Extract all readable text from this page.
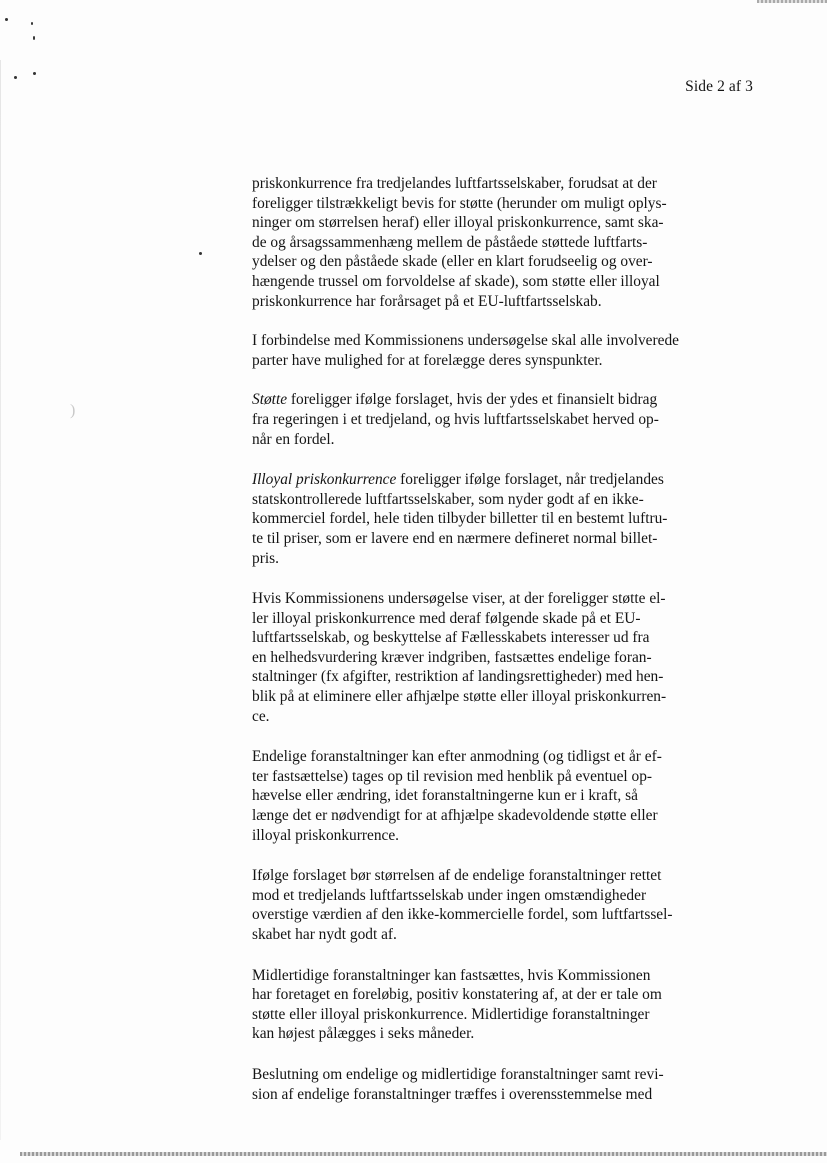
)
Side 2 af 3

priskonkurrence fra tredjelandes luftfartsselskaber, forudsat at der
foreligger tilstrækkeligt bevis for støtte (herunder om muligt oplys-
ninger om størrelsen heraf) eller illoyal priskonkurrence, samt ska-
de og årsagssammenhæng mellem de påståede støttede luftfarts-
ydelser og den påståede skade (eller en klart forudseelig og over-
hængende trussel om forvoldelse af skade), som støtte eller illoyal
priskonkurrence har forårsaget på et EU-luftfartsselskab.

I forbindelse med Kommissionens undersøgelse skal alle involverede
parter have mulighed for at forelægge deres synspunkter.

Støtte foreligger ifølge forslaget, hvis der ydes et finansielt bidrag
fra regeringen i et tredjeland, og hvis luftfartsselskabet herved op-
når en fordel.

Illoyal priskonkurrence foreligger ifølge forslaget, når tredjelandes
statskontrollerede luftfartsselskaber, som nyder godt af en ikke-
kommerciel fordel, hele tiden tilbyder billetter til en bestemt luftru-
te til priser, som er lavere end en nærmere defineret normal billet-
pris.

Hvis Kommissionens undersøgelse viser, at der foreligger støtte el-
ler illoyal priskonkurrence med deraf følgende skade på et EU-
luftfartsselskab, og beskyttelse af Fællesskabets interesser ud fra
en helhedsvurdering kræver indgriben, fastsættes endelige foran-
staltninger (fx afgifter, restriktion af landingsrettigheder) med hen-
blik på at eliminere eller afhjælpe støtte eller illoyal priskonkurren-
ce.

Endelige foranstaltninger kan efter anmodning (og tidligst et år ef-
ter fastsættelse) tages op til revision med henblik på eventuel op-
hævelse eller ændring, idet foranstaltningerne kun er i kraft, så
længe det er nødvendigt for at afhjælpe skadevoldende støtte eller
illoyal priskonkurrence.

Ifølge forslaget bør størrelsen af de endelige foranstaltninger rettet
mod et tredjelands luftfartsselskab under ingen omstændigheder
overstige værdien af den ikke-kommercielle fordel, som luftfartssel-
skabet har nydt godt af.

Midlertidige foranstaltninger kan fastsættes, hvis Kommissionen
har foretaget en foreløbig, positiv konstatering af, at der er tale om
støtte eller illoyal priskonkurrence. Midlertidige foranstaltninger
kan højest pålægges i seks måneder.

Beslutning om endelige og midlertidige foranstaltninger samt revi-
sion af endelige foranstaltninger træffes i overensstemmelse med
